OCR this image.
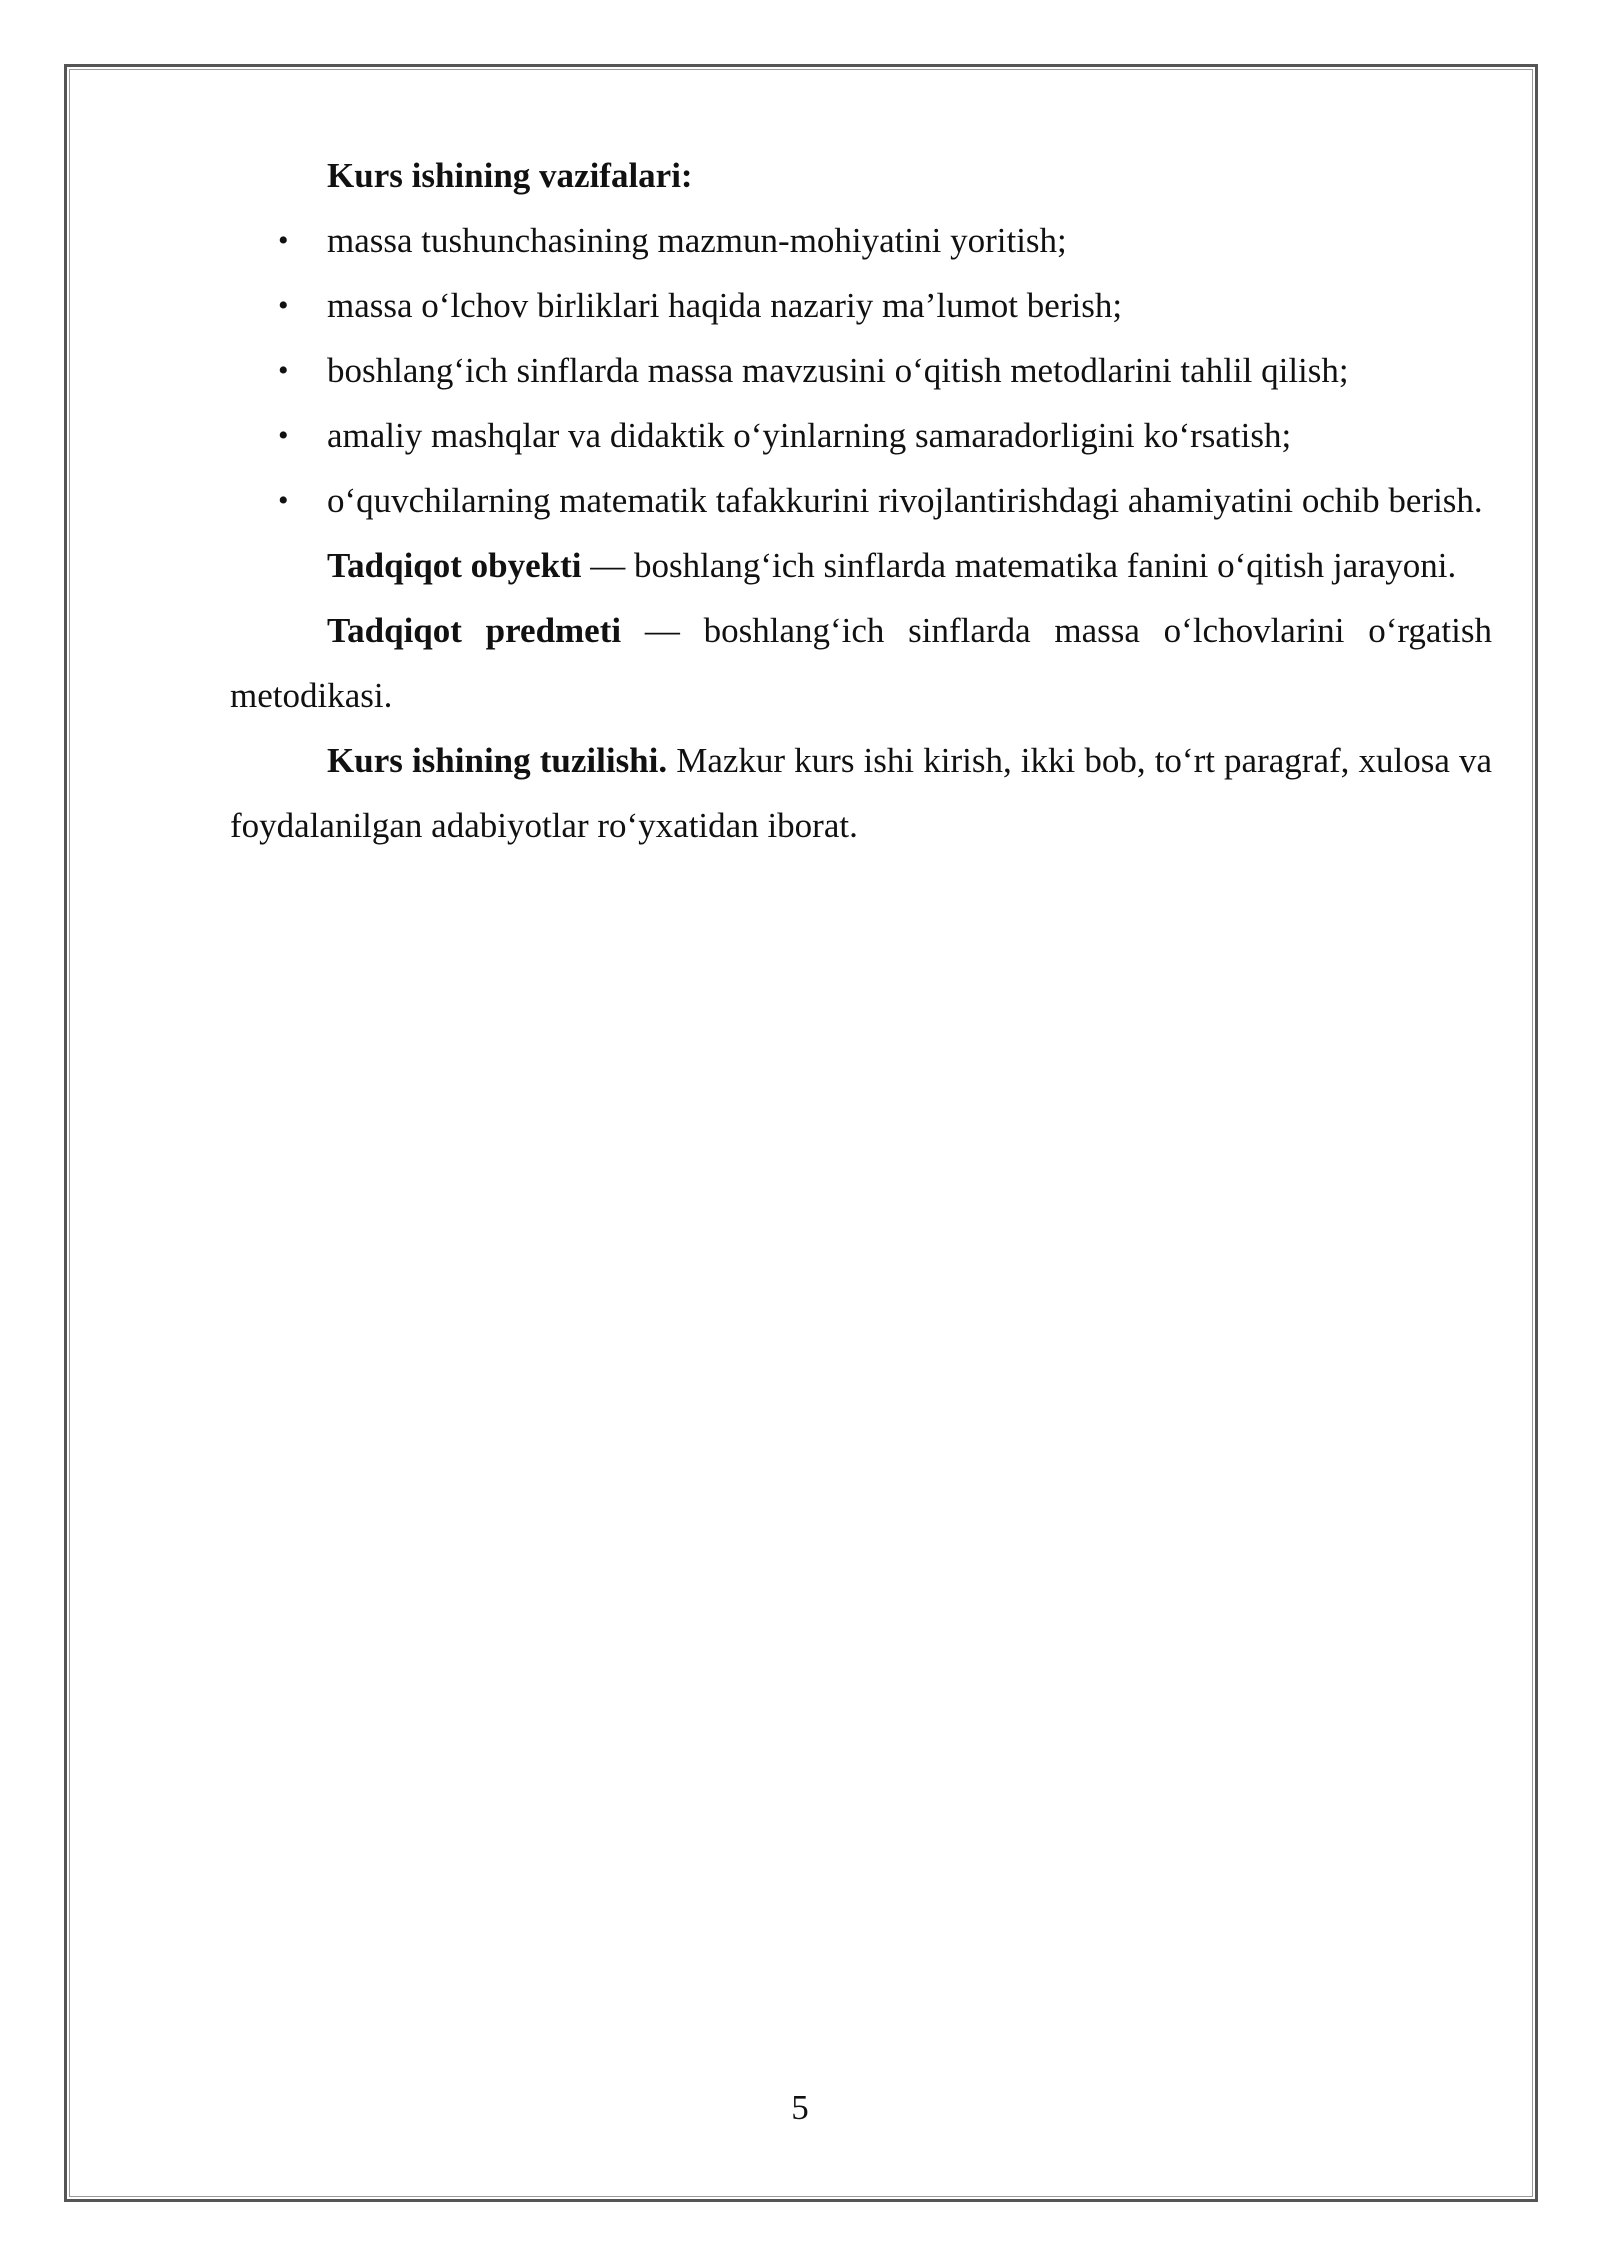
Kurs ishining vazifalari:

• massa tushunchasining mazmun-mohiyatini yoritish;
• massa o‘lchov birliklari haqida nazariy ma’lumot berish;
• boshlang‘ich sinflarda massa mavzusini o‘qitish metodlarini tahlil qilish;
• amaliy mashqlar va didaktik o‘yinlarning samaradorligini ko‘rsatish;
• o‘quvchilarning matematik tafakkurini rivojlantirishdagi ahamiyatini ochib berish.

Tadqiqot obyekti — boshlang‘ich sinflarda matematika fanini o‘qitish jarayoni.

Tadqiqot predmeti — boshlang‘ich sinflarda massa o‘lchovlarini o‘rgatish metodikasi.

Kurs ishining tuzilishi. Mazkur kurs ishi kirish, ikki bob, to‘rt paragraf, xulosa va foydalanilgan adabiyotlar ro‘yxatidan iborat.

5
